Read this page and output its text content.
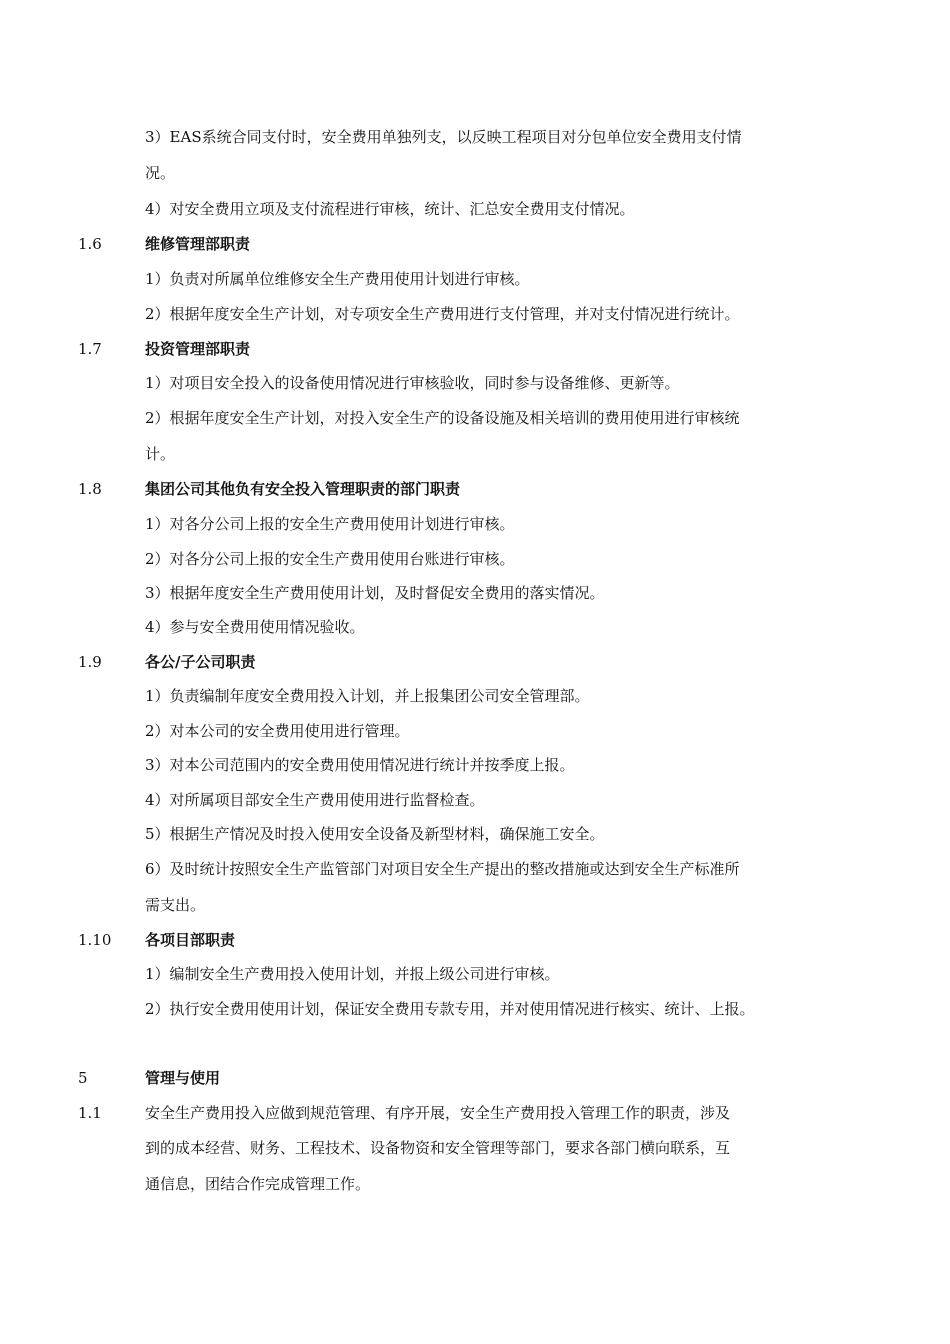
3）EAS系统合同支付时，安全费用单独列支，以反映工程项目对分包单位安全费用支付情
况。
4）对安全费用立项及支付流程进行审核，统计、汇总安全费用支付情况。
1.6	维修管理部职责
1）负责对所属单位维修安全生产费用使用计划进行审核。
2）根据年度安全生产计划，对专项安全生产费用进行支付管理，并对支付情况进行统计。
1.7	投资管理部职责
1）对项目安全投入的设备使用情况进行审核验收，同时参与设备维修、更新等。
2）根据年度安全生产计划，对投入安全生产的设备设施及相关培训的费用使用进行审核统
计。
1.8	集团公司其他负有安全投入管理职责的部门职责
1）对各分公司上报的安全生产费用使用计划进行审核。
2）对各分公司上报的安全生产费用使用台账进行审核。
3）根据年度安全生产费用使用计划，及时督促安全费用的落实情况。
4）参与安全费用使用情况验收。
1.9	各公/子公司职责
1）负责编制年度安全费用投入计划，并上报集团公司安全管理部。
2）对本公司的安全费用使用进行管理。
3）对本公司范围内的安全费用使用情况进行统计并按季度上报。
4）对所属项目部安全生产费用使用进行监督检查。
5）根据生产情况及时投入使用安全设备及新型材料，确保施工安全。
6）及时统计按照安全生产监管部门对项目安全生产提出的整改措施或达到安全生产标准所
需支出。
1.10 各项目部职责
1）编制安全生产费用投入使用计划，并报上级公司进行审核。
2）执行安全费用使用计划，保证安全费用专款专用，并对使用情况进行核实、统计、上报。
5	管理与使用
1.1	安全生产费用投入应做到规范管理、有序开展，安全生产费用投入管理工作的职责，涉及
到的成本经营、财务、工程技术、设备物资和安全管理等部门，要求各部门横向联系，互
通信息，团结合作完成管理工作。
